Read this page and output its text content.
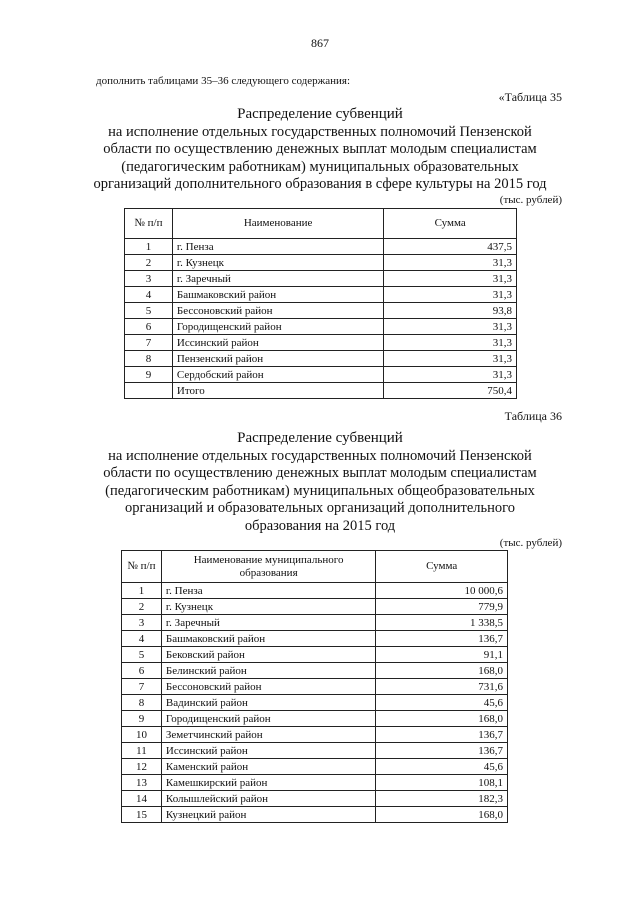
867
дополнить таблицами 35–36 следующего содержания:
«Таблица 35
Распределение субвенций
на исполнение отдельных государственных полномочий Пензенской
области по осуществлению денежных выплат молодым специалистам
(педагогическим работникам) муниципальных образовательных
организаций дополнительного образования в сфере культуры на 2015 год
(тыс. рублей)
№ п/п	Наименование	Сумма
1	г. Пенза	437,5
2	г. Кузнецк	31,3
3	г. Заречный	31,3
4	Башмаковский район	31,3
5	Бессоновский район	93,8
6	Городищенский район	31,3
7	Иссинский район	31,3
8	Пензенский район	31,3
9	Сердобский район	31,3
	Итого	750,4
Таблица 36
Распределение субвенций
на исполнение отдельных государственных полномочий Пензенской
области по осуществлению денежных выплат молодым специалистам
(педагогическим работникам) муниципальных общеобразовательных
организаций и образовательных организаций дополнительного
образования на 2015 год
(тыс. рублей)
№ п/п	Наименование муниципального образования	Сумма
1	г. Пенза	10 000,6
2	г. Кузнецк	779,9
3	г. Заречный	1 338,5
4	Башмаковский район	136,7
5	Бековский район	91,1
6	Белинский район	168,0
7	Бессоновский район	731,6
8	Вадинский район	45,6
9	Городищенский район	168,0
10	Земетчинский район	136,7
11	Иссинский район	136,7
12	Каменский район	45,6
13	Камешкирский район	108,1
14	Колышлейский район	182,3
15	Кузнецкий район	168,0
